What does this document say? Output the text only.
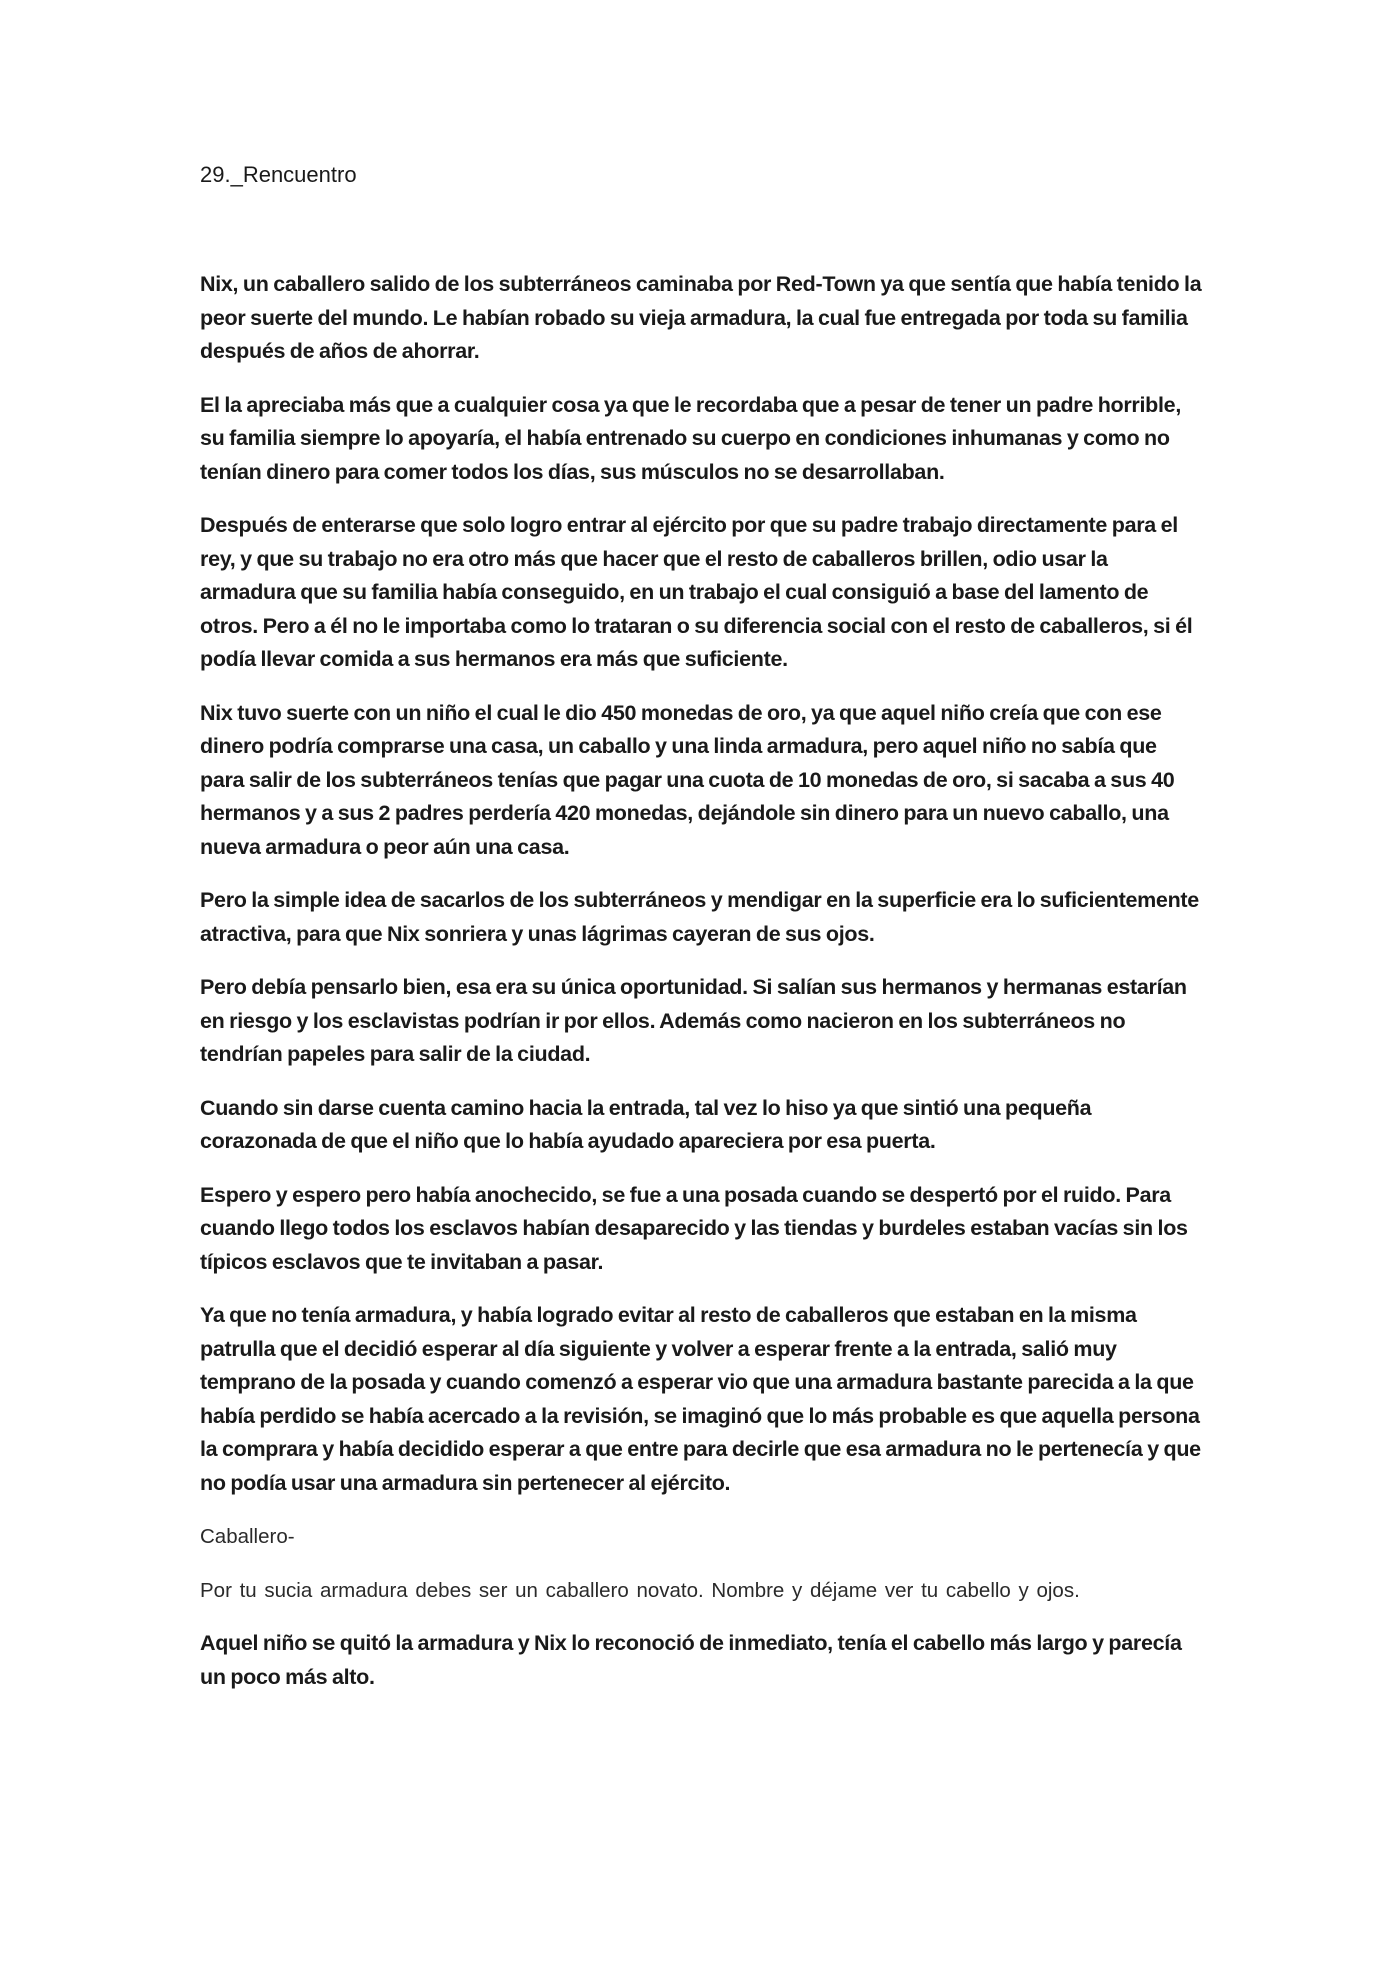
29._Rencuentro

Nix, un caballero salido de los subterráneos caminaba por Red-Town ya que sentía que había tenido la peor suerte del mundo. Le habían robado su vieja armadura, la cual fue entregada por toda su familia después de años de ahorrar.

El la apreciaba más que a cualquier cosa ya que le recordaba que a pesar de tener un padre horrible, su familia siempre lo apoyaría, el había entrenado su cuerpo en condiciones inhumanas y como no tenían dinero para comer todos los días, sus músculos no se desarrollaban.

Después de enterarse que solo logro entrar al ejército por que su padre trabajo directamente para el rey, y que su trabajo no era otro más que hacer que el resto de caballeros brillen, odio usar la armadura que su familia había conseguido, en un trabajo el cual consiguió a base del lamento de otros. Pero a él no le importaba como lo trataran o su diferencia social con el resto de caballeros, si él podía llevar comida a sus hermanos era más que suficiente.

Nix tuvo suerte con un niño el cual le dio 450 monedas de oro, ya que aquel niño creía que con ese dinero podría comprarse una casa, un caballo y una linda armadura, pero aquel niño no sabía que para salir de los subterráneos tenías que pagar una cuota de 10 monedas de oro, si sacaba a sus 40 hermanos y a sus 2 padres perdería 420 monedas, dejándole sin dinero para un nuevo caballo, una nueva armadura o peor aún una casa.

Pero la simple idea de sacarlos de los subterráneos y mendigar en la superficie era lo suficientemente atractiva, para que Nix sonriera y unas lágrimas cayeran de sus ojos.

Pero debía pensarlo bien, esa era su única oportunidad. Si salían sus hermanos y hermanas estarían en riesgo y los esclavistas podrían ir por ellos. Además como nacieron en los subterráneos no tendrían papeles para salir de la ciudad.

Cuando sin darse cuenta camino hacia la entrada, tal vez lo hiso ya que sintió una pequeña corazonada de que el niño que lo había ayudado apareciera por esa puerta.

Espero y espero pero había anochecido, se fue a una posada cuando se despertó por el ruido. Para cuando llego todos los esclavos habían desaparecido y las tiendas y burdeles estaban vacías sin los típicos esclavos que te invitaban a pasar.

Ya que no tenía armadura, y había logrado evitar al resto de caballeros que estaban en la misma patrulla que el decidió esperar al día siguiente y volver a esperar frente a la entrada, salió muy temprano de la posada y cuando comenzó a esperar vio que una armadura bastante parecida a la que había perdido se había acercado a la revisión, se imaginó que lo más probable es que aquella persona la comprara y había decidido esperar a que entre para decirle que esa armadura no le pertenecía y que no podía usar una armadura sin pertenecer al ejército.

Caballero-

Por tu sucia armadura debes ser un caballero novato. Nombre y déjame ver tu cabello y ojos.

Aquel niño se quitó la armadura y Nix lo reconoció de inmediato, tenía el cabello más largo y parecía un poco más alto.
